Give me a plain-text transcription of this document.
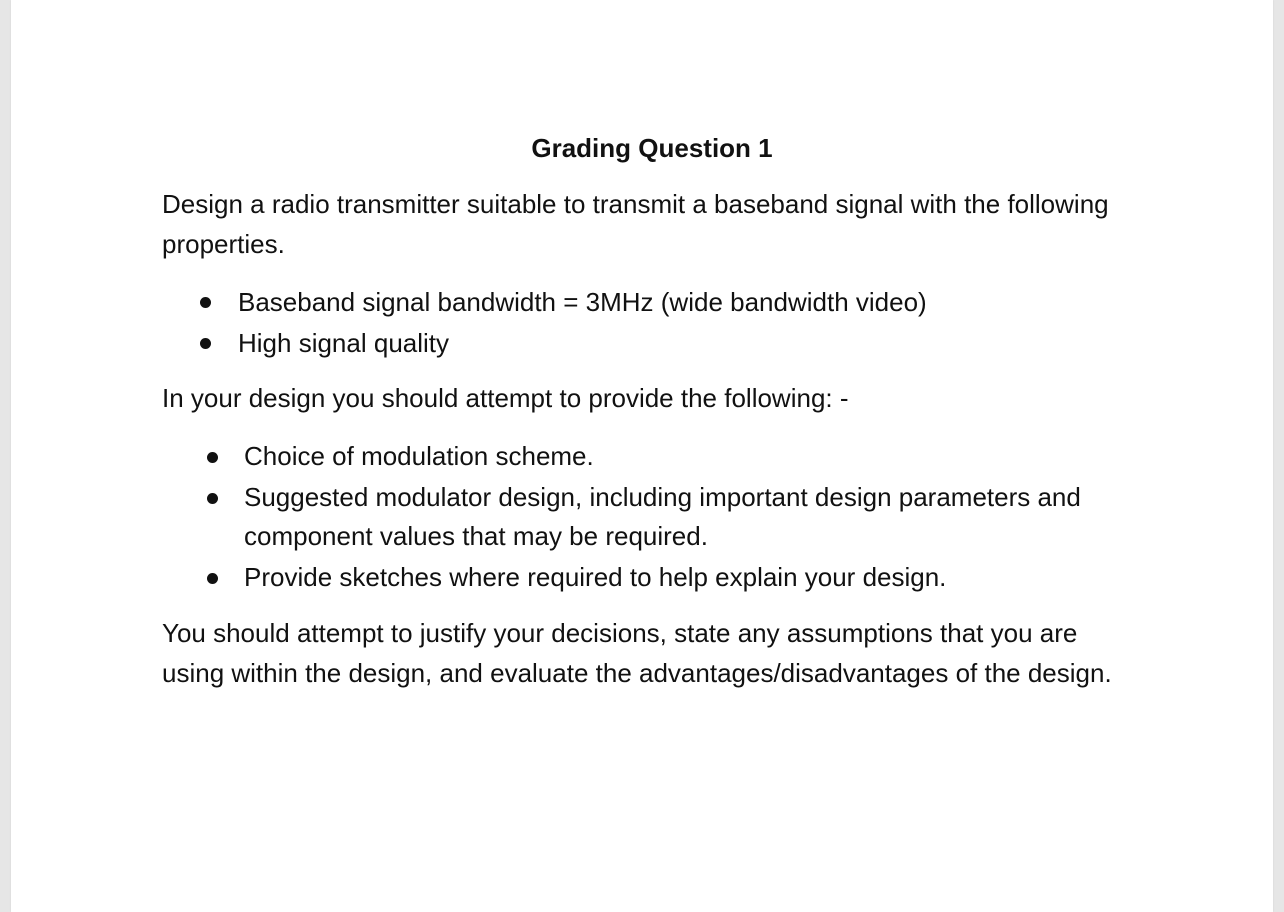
Grading Question 1

Design a radio transmitter suitable to transmit a baseband signal with the following properties.

Baseband signal bandwidth = 3MHz (wide bandwidth video)
High signal quality

In your design you should attempt to provide the following: -

Choice of modulation scheme.
Suggested modulator design, including important design parameters and component values that may be required.
Provide sketches where required to help explain your design.

You should attempt to justify your decisions, state any assumptions that you are using within the design, and evaluate the advantages/disadvantages of the design.
